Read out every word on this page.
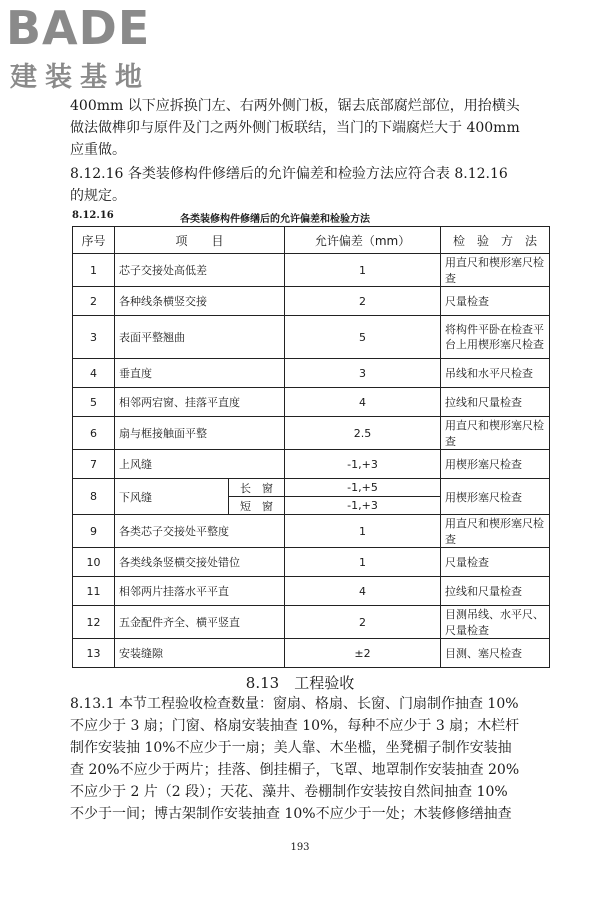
BADE
建装基地
400mm 以下应拆换门左、右两外侧门板，锯去底部腐烂部位，用抬横头
做法做榫卯与原件及门之两外侧门板联结，当门的下端腐烂大于 400mm
应重做。
8.12.16 各类装修构件修缮后的允许偏差和检验方法应符合表 8.12.16
的规定。
8.12.16	各类装修构件修缮后的允许偏差和检验方法
序号	项　　目		允许偏差（mm）	检　验　方　法
1	芯子交接处高低差		1	用直尺和楔形塞尺检查
2	各种线条横竖交接		2	尺量检查
3	表面平整翘曲		5	将构件平卧在检查平台上用楔形塞尺检查
4	垂直度		3	吊线和水平尺检查
5	相邻两宕窗、挂落平直度		4	拉线和尺量检查
6	扇与框接触面平整		2.5	用直尺和楔形塞尺检查
7	上风缝		-1,+3	用楔形塞尺检查
8	下风缝	长　窗	-1,+5	用楔形塞尺检查
		短　窗	-1,+3	
9	各类芯子交接处平整度		1	用直尺和楔形塞尺检查
10	各类线条竖横交接处错位		1	尺量检查
11	相邻两片挂落水平平直		4	拉线和尺量检查
12	五金配件齐全、横平竖直		2	目测吊线、水平尺、尺量检查
13	安装缝隙		±2	目测、塞尺检查
8.13　工程验收
8.13.1 本节工程验收检查数量：窗扇、格扇、长窗、门扇制作抽查 10%
不应少于 3 扇；门窗、格扇安装抽查 10%，每种不应少于 3 扇；木栏杆
制作安装抽 10%不应少于一扇；美人靠、木坐槛，坐凳楣子制作安装抽
查 20%不应少于两片；挂落、倒挂楣子，飞罩、地罩制作安装抽查 20%
不应少于 2 片（2 段）；天花、藻井、卷棚制作安装按自然间抽查 10%
不少于一间；博古架制作安装抽查 10%不应少于一处；木装修修缮抽查
193
